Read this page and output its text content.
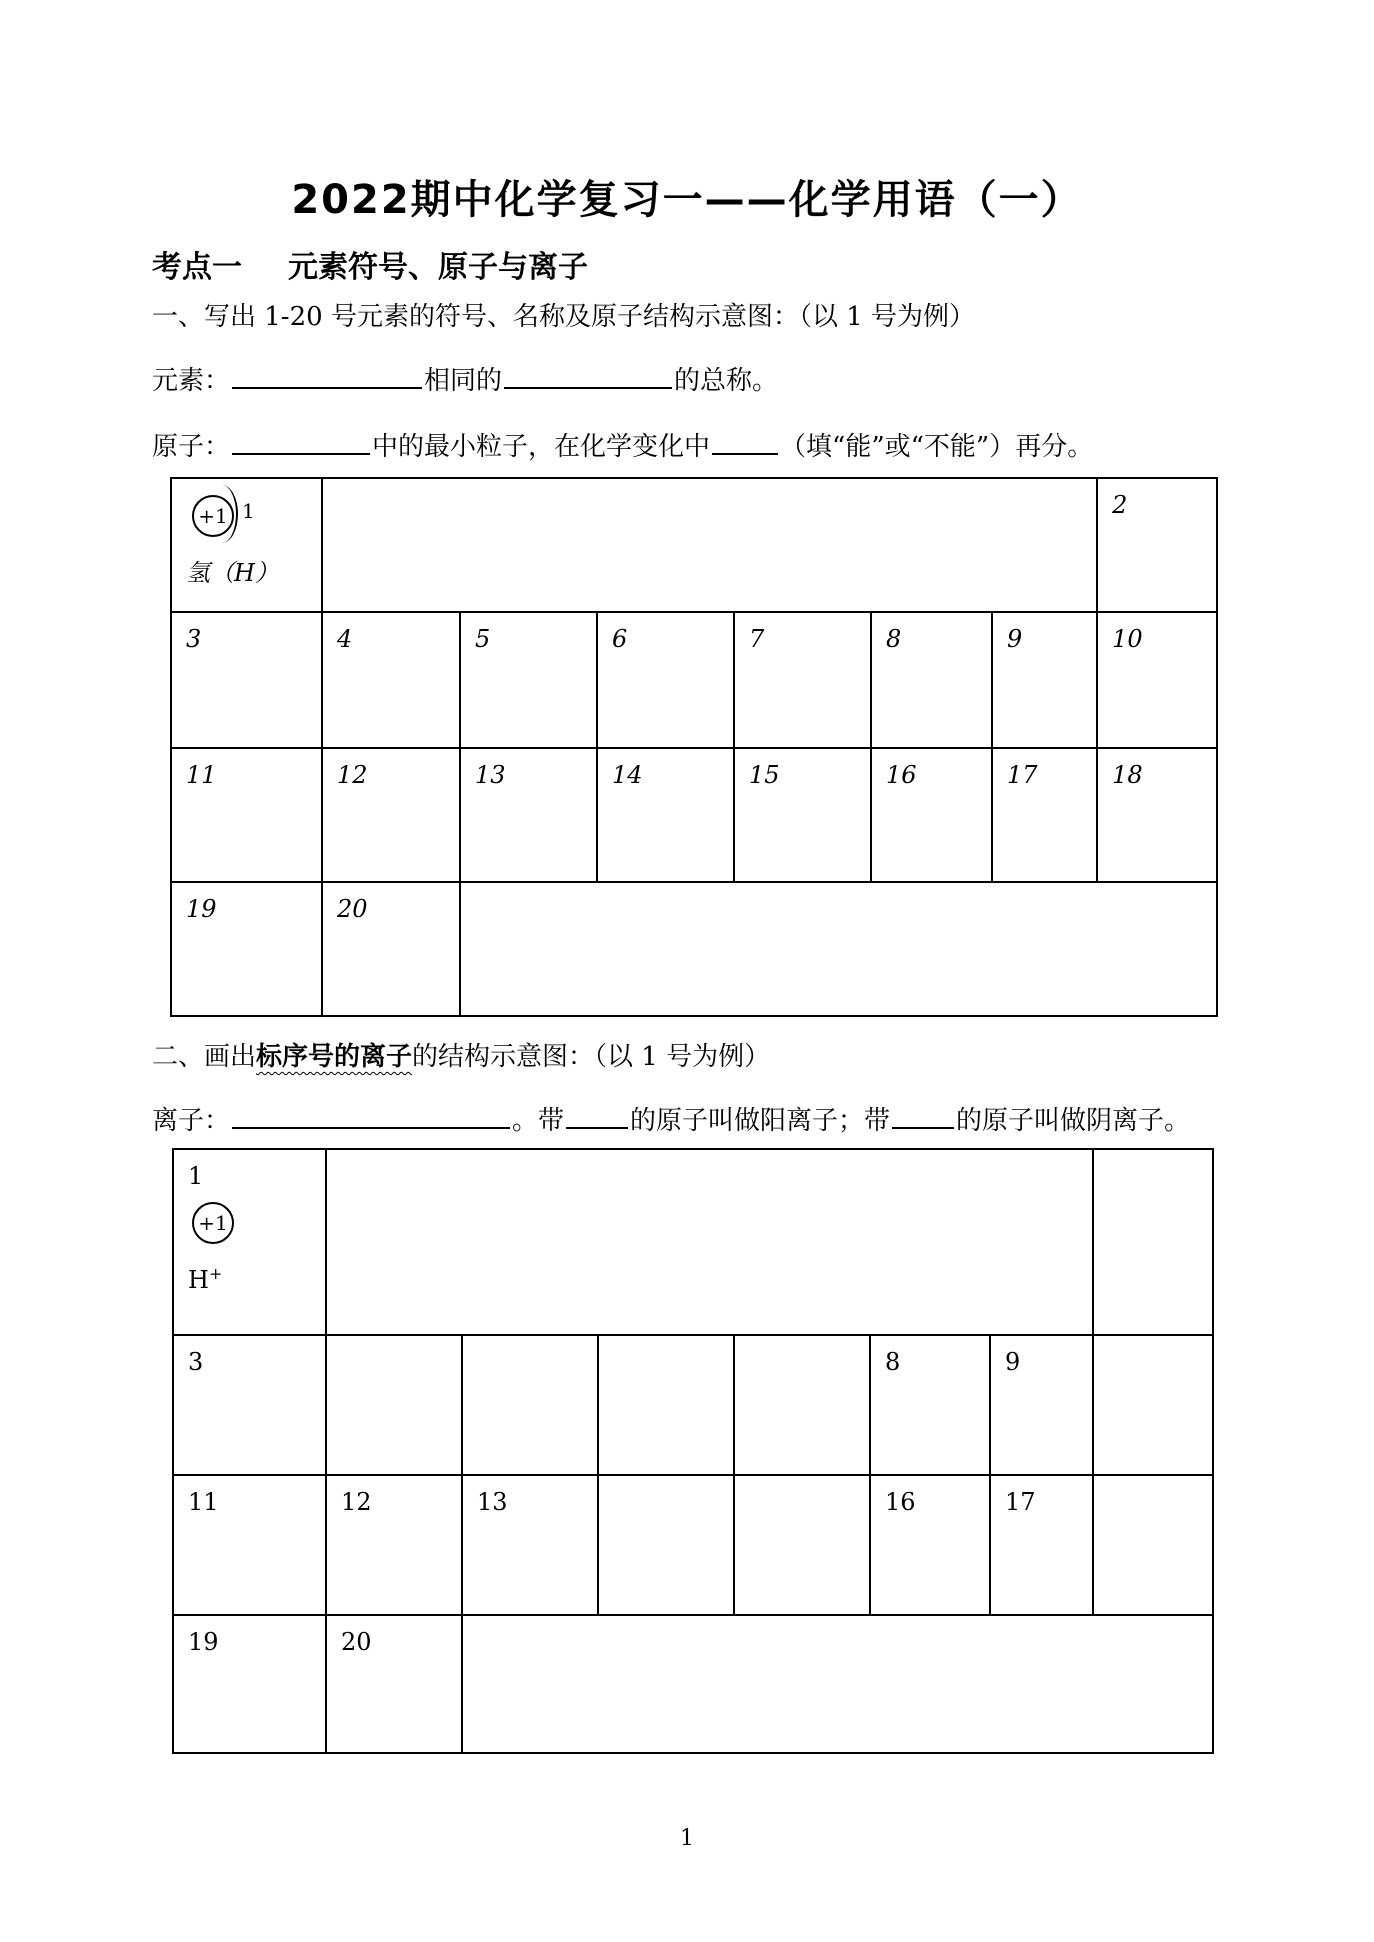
2022期中化学复习一——化学用语（一）
考点一 元素符号、原子与离子
一、写出 1-20 号元素的符号、名称及原子结构示意图：（以 1 号为例）
元素：	相同的	的总称。
原子：	中的最小粒子，在化学变化中	（填“能”或“不能”）再分。
+1 1
氢（H）							2
3	4	5	6	7	8	9	10
11	12	13	14	15	16	17	18
19	20						
二、画出标序号的离子的结构示意图：（以 1 号为例）
离子：	。带	的原子叫做阳离子；带	的原子叫做阴离子。
1
+1
H+

3					8	9	
11	12	13			16	17	
19	20						
1
